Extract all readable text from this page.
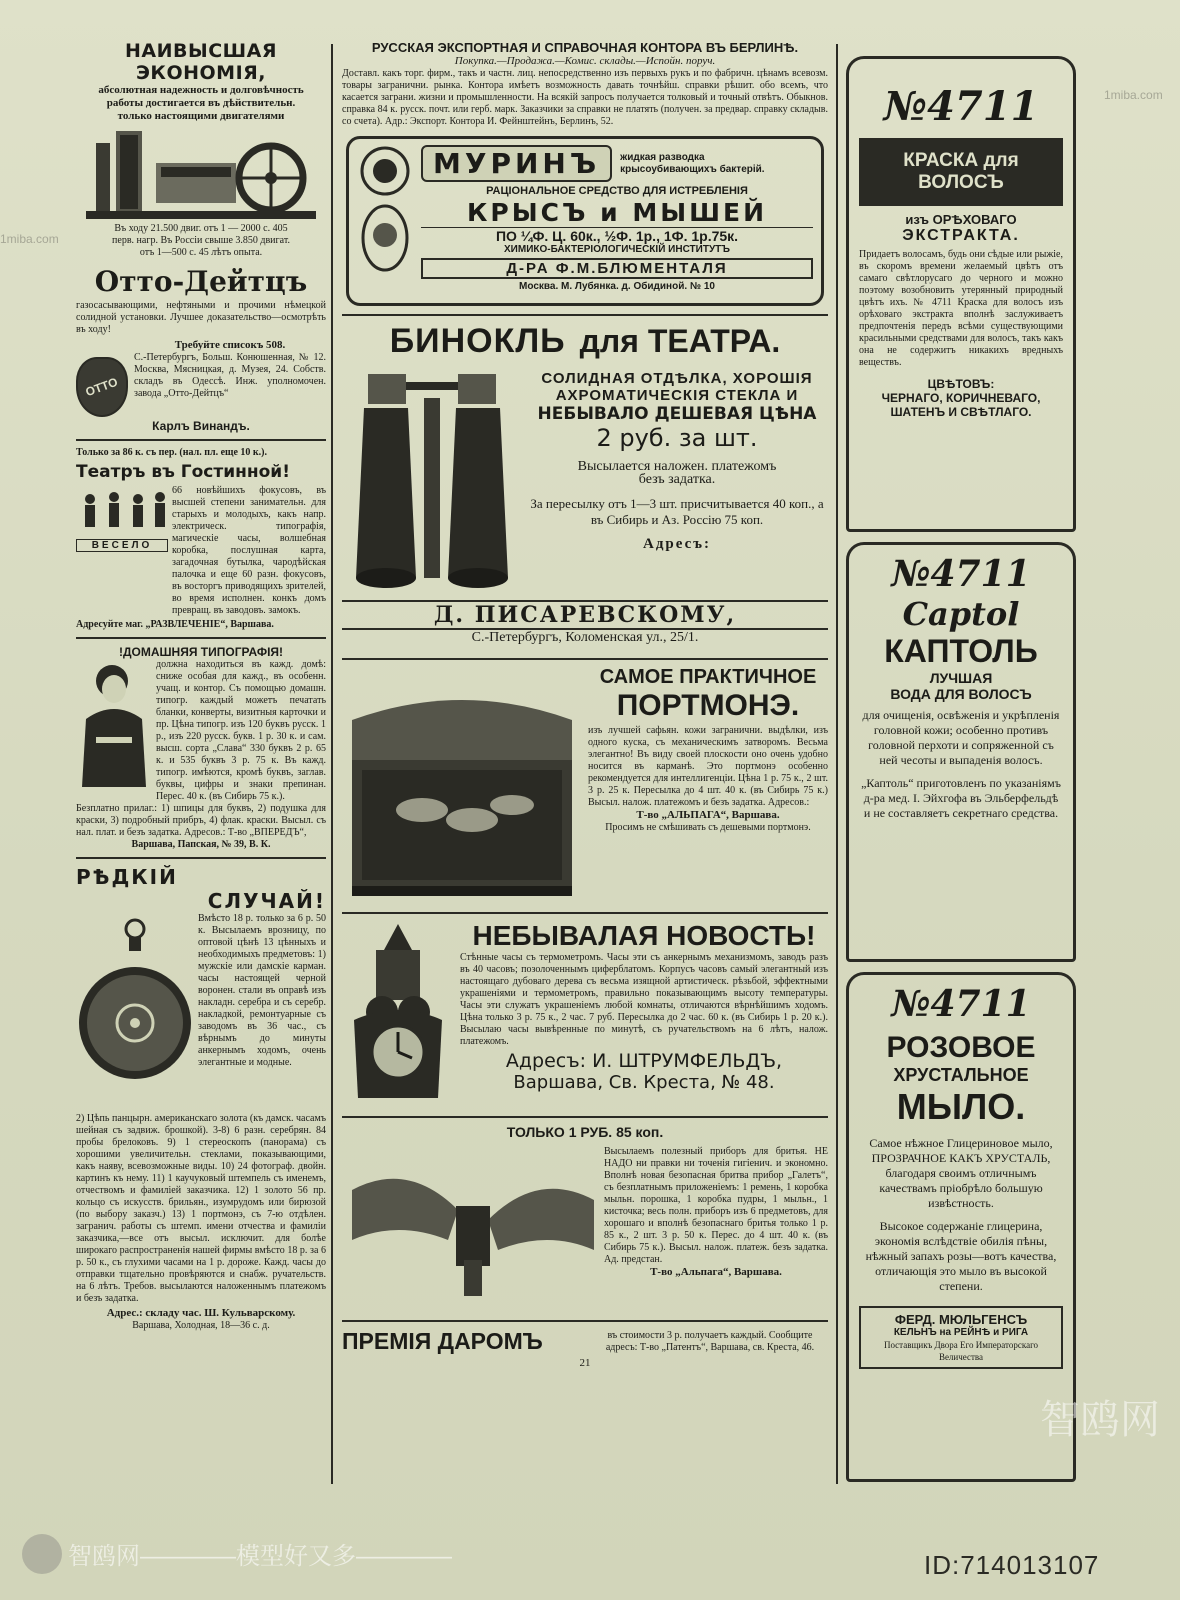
НАИВЫСШАЯ ЭКОНОМІЯ,
абсолютная надежность и долговѣчность
работы достигается въ дѣйствительн.
только настоящими двигателями
Въ ходу 21.500 двиг. отъ 1 — 2000 с. 405
перв. нагр. Въ Россіи свыше 3.850 двигат.
отъ 1—500 с. 45 лѣтъ опыта.
Отто-Дейтцъ
газосасывающими, нефтяными и прочими нѣмецкой солидной установки. Лучшее доказательство—осмотрѣть въ ходу!
OTTO
Требуйте списокъ 508.
С.-Петербургъ, Больш. Конюшенная, № 12. Москва, Мясницкая, д. Музея, 24. Собств. складъ въ Одессѣ. Инж. уполномочен. завода „Отто-Дейтцъ“
Карлъ Винандъ.
Только за 86 к. съ пер. (нал. пл. еще 10 к.).
Театръ въ Гостинной!
ВЕСЕЛО
66 новѣйшихъ фокусовъ, въ высшей степени занимательн. для старыхъ и молодыхъ, какъ напр. электрическ. типографія, магическіе часы, волшебная коробка, послушная карта, загадочная бутылка, чародѣйская палочка и еще 60 разн. фокусовъ, въ восторгъ приводящихъ зрителей, во время исполнен. конкъ домъ превращ. въ заводовъ. замокъ.
Адресуйте маг. „РАЗВЛЕЧЕНІЕ“, Варшава.
!ДОМАШНЯЯ ТИПОГРАФІЯ!
должна находиться въ кажд. домѣ: сниже особая для кажд., въ особенн. учащ. и контор. Съ помощью домашн. типогр. каждый можетъ печатать бланки, конверты, визитныя карточки и пр. Цѣна типогр. изъ 120 буквъ русск. 1 р., изъ 220 русск. букв. 1 р. 30 к. и сам. высш. сорта „Слава“ 330 буквъ 2 р. 65 к. и 535 буквъ 3 р. 75 к. Въ кажд. типогр. имѣются, кромѣ буквъ, заглав. буквы, цифры и знаки препинан. Перес. 40 к. (въ Сибирь 75 к.).
Безплатно прилаг.: 1) шпицы для буквъ, 2) подушка для краски, 3) подробный прибръ, 4) флак. краски. Высыл. съ нал. плат. и безъ задатка. Адресов.: Т-во „ВПЕРЕДЪ“,
Варшава, Папская, № 39, В. К.
РѢДКІЙ
СЛУЧАЙ!
Вмѣсто 18 р. только за 6 р. 50 к. Высылаемъ врозницу, по оптовой цѣнѣ 13 цѣнныхъ и необходимыхъ предметовъ: 1) мужскіе или дамскіе карман. часы настоящей черной воронен. стали въ оправѣ изъ накладн. серебра и съ серебр. накладкой, ремонтуарные съ заводомъ въ 36 час., съ вѣрнымъ до минуты анкернымъ ходомъ, очень элегантные и модные.
2) Цѣпь панцырн. американскаго золота (къ дамск. часамъ шейная съ задвиж. брошкой). 3-8) 6 разн. серебрян. 84 пробы брелоковъ. 9) 1 стереоскопъ (панорама) съ хорошими увеличительн. стеклами, показывающими, какъ наяву, всевозможные виды. 10) 24 фотограф. двойн. картинъ къ нему. 11) 1 каучуковый штемпель съ именемъ, отчествомъ и фамиліей заказчика. 12) 1 золото 56 пр. кольцо съ искусств. брильян., изумрудомъ или бирюзой (по выбору заказч.) 13) 1 портмонэ, съ 7-ю отдѣлен. загранич. работы съ штемп. имени отчества и фамиліи заказчика,—все отъ высыл. исключит. для болѣе широкаго распространенія нашей фирмы вмѣсто 18 р. за 6 р. 50 к., съ глухими часами на 1 р. дороже. Кажд. часы до отправки тщательно провѣряются и снабж. ручательств. на 6 лѣтъ. Требов. высылаются наложеннымъ платежомъ и безъ задатка.
Адрес.: складу час. Ш. Кульварскому.
Варшава, Холодная, 18—36 с. д.
РУССКАЯ ЭКСПОРТНАЯ И СПРАВОЧНАЯ КОНТОРА ВЪ БЕРЛИНѢ.
Покупка.—Продажа.—Комис. склады.—Испойн. поруч.
Доставл. какъ торг. фирм., такъ и частн. лиц. непосредственно изъ первыхъ рукъ и по фабричн. цѣнамъ всевозм. товары загранични. рынка. Контора имѣетъ возможность давать точнѣйш. справки рѣшит. обо всемъ, что касается заграни. жизни и промышленности. На всякій запросъ получается толковый и точный отвѣтъ. Обыкнов. справка 84 к. русск. почт. или герб. марк. Заказчики за справки не платять (получен. за предвар. справку складыв. со счета). Адр.: Экспорт. Контора И. Фейнштейнъ, Берлинъ, 52.
МУРИНЪ	жидкая разводка
крысоубивающихъ бактерій.
РАЦІОНАЛЬНОЕ СРЕДСТВО ДЛЯ ИСТРЕБЛЕНІЯ
КРЫСЪ и МЫШЕЙ
ПО ¼Ф. Ц. 60к., ½Ф. 1р., 1Ф. 1р.75к.
ХИМИКО-БАКТЕРІОЛОГИЧЕСКІЙ ИНСТИТУТЪ
Д-РА Ф.М.БЛЮМЕНТАЛЯ
Москва. М. Лубянка. д. Обидиной. № 10
БИНОКЛЬ для ТЕАТРА.
СОЛИДНАЯ ОТДѢЛКА, ХОРОШІЯ
АХРОМАТИЧЕСКІЯ СТЕКЛА И
НЕБЫВАЛО ДЕШЕВАЯ ЦѢНА
2 руб. за шт.
Высылается наложен. платежомъ
безъ задатка.
За пересылку отъ 1—3 шт. присчитывается 40 коп., а въ Сибирь и Аз. Россію 75 коп.
Адресъ:
Д. ПИСАРЕВСКОМУ,
С.-Петербургъ, Коломенская ул., 25/1.
САМОЕ ПРАКТИЧНОЕ
ПОРТМОНЭ.
изъ лучшей сафьян. кожи загранични. выдѣлки, изъ одного куска, съ механическимъ затворомъ. Весьма элегантно! Въ виду своей плоскости оно очень удобно носится въ карманѣ. Это портмонэ особенно рекомендуется для интеллигенціи. Цѣна 1 р. 75 к., 2 шт. 3 р. 25 к. Пересылка до 4 шт. 40 к. (въ Сибирь 75 к.) Высыл. налож. платежомъ и безъ задатка. Адресов.:
Т-во „АЛЬПАГА“, Варшава.
Просимъ не смѣшивать съ дешевыми портмонэ.
НЕБЫВАЛАЯ НОВОСТЬ!
Стѣнные часы съ термометромъ. Часы эти съ анкернымъ механизмомъ, заводъ разъ въ 40 часовъ; позолоченнымъ циферблатомъ. Корпусъ часовъ самый элегантный изъ настоящаго дубоваго дерева съ весьма изящной артистическ. рѣзьбой, эффектными украшеніями и термометромъ, правильно показывающимъ высоту температуры. Часы эти служатъ украшеніемъ любой комнаты, отличаются вѣрнѣйшимъ ходомъ. Цѣна только 3 р. 75 к., 2 час. 7 руб. Пересылка до 2 час. 60 к. (въ Сибирь 1 р. 20 к.). Высылаю часы вывѣренные по минутѣ, съ ручательствомъ на 6 лѣтъ, налож. платежомъ.
Адресъ: И. ШТРУМФЕЛЬДЪ,
Варшава, Св. Креста, № 48.
ТОЛЬКО 1 РУБ. 85 коп.
Высылаемъ полезный приборъ для бритья. НЕ НАДО ни правки ни точенія гигіенич. и экономно. Вполнѣ новая безопасная бритва прибор „Галетъ“, съ безплатнымъ приложеніемъ: 1 ремень, 1 коробка мыльн. порошка, 1 коробка пудры, 1 мыльн., 1 кисточка; весь полн. приборъ изъ 6 предметовъ, для хорошаго и вполнѣ безопаснаго бритья только 1 р. 85 к., 2 шт. 3 р. 50 к. Перес. до 4 шт. 40 к. (въ Сибирь 75 к.). Высыл. налож. платеж. безъ задатка. Ад. предстан.
Т-во „Альпага“, Варшава.
ПРЕМІЯ ДАРОМЪ	въ стоимости 3 р. получаетъ каждый. Сообщите адресъ: Т-во „Патентъ“, Варшава, св. Креста, 46.
21
№4711
КРАСКА для ВОЛОСЪ
изъ ОРѢХОВАГО
ЭКСТРАКТА.
Придаетъ волосамъ, будь они сѣдые или рыжіе, въ скоромъ времени желаемый цвѣтъ отъ самаго свѣтлорусаго до черного и можно поэтому возобновить утерянный природный цвѣтъ ихъ. № 4711 Краска для волосъ изъ орѣховаго экстракта вполнѣ заслуживаетъ предпочтенія передъ всѣми существующими красильными средствами для волосъ, такъ какъ она не содержитъ никакихъ вредныхъ веществъ.
ЦВѢТОВЪ:
ЧЕРНАГО, КОРИЧНЕВАГО,
ШАТЕНЪ И СВѢТЛАГО.
№4711
Captol
КАПТОЛЬ
ЛУЧШАЯ
ВОДА ДЛЯ ВОЛОСЪ
для очищенія, освѣженія и укрѣпленія головной кожи; особенно противъ головной перхоти и сопряженной съ ней чесоты и выпаденія волосъ.
„Каптоль“ приготовленъ по указаніямъ д-ра мед. I. Эйхгофа въ Эльберфельдѣ и не составляетъ секретнаго средства.
№4711
РОЗОВОЕ
ХРУСТАЛЬНОЕ
МЫЛО.
Самое нѣжное Глицериновое мыло, ПРОЗРАЧНОЕ КАКЪ ХРУСТАЛЬ, благодаря своимъ отличнымъ качествамъ пріобрѣло большую извѣстность.
Высокое содержаніе глицерина, экономія вслѣдствіе обилія пѣны, нѣжный запахъ розы—вотъ качества, отличающія это мыло въ высокой степени.
ФЕРД. МЮЛЬГЕНСЪ
КЕЛЬНЪ на РЕЙНѢ и РИГА
Поставщикъ Двора Его Императорскаго Величества
1miba.com
1miba.com
智鸥网
智鸥网————模型好又多————	ID:714013107
